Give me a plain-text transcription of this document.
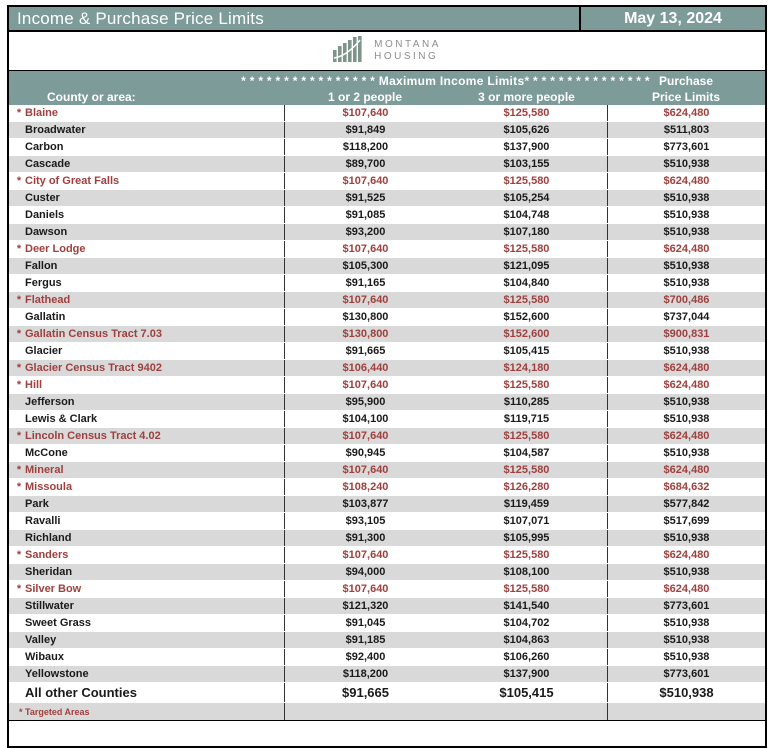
Income & Purchase Price Limits	May 13, 2024
MONTANA
HOUSING
* * * * * * * * * * * * * * * * Maximum Income Limits* * * * * * * * * * * * * * * Purchase
County or area:	1 or 2 people	3 or more people	Price Limits
* Blaine	$107,640	$125,580	$624,480
Broadwater	$91,849	$105,626	$511,803
Carbon	$118,200	$137,900	$773,601
Cascade	$89,700	$103,155	$510,938
* City of Great Falls	$107,640	$125,580	$624,480
Custer	$91,525	$105,254	$510,938
Daniels	$91,085	$104,748	$510,938
Dawson	$93,200	$107,180	$510,938
* Deer Lodge	$107,640	$125,580	$624,480
Fallon	$105,300	$121,095	$510,938
Fergus	$91,165	$104,840	$510,938
* Flathead	$107,640	$125,580	$700,486
Gallatin	$130,800	$152,600	$737,044
* Gallatin Census Tract 7.03	$130,800	$152,600	$900,831
Glacier	$91,665	$105,415	$510,938
* Glacier Census Tract 9402	$106,440	$124,180	$624,480
* Hill	$107,640	$125,580	$624,480
Jefferson	$95,900	$110,285	$510,938
Lewis & Clark	$104,100	$119,715	$510,938
* Lincoln Census Tract 4.02	$107,640	$125,580	$624,480
McCone	$90,945	$104,587	$510,938
* Mineral	$107,640	$125,580	$624,480
* Missoula	$108,240	$126,280	$684,632
Park	$103,877	$119,459	$577,842
Ravalli	$93,105	$107,071	$517,699
Richland	$91,300	$105,995	$510,938
* Sanders	$107,640	$125,580	$624,480
Sheridan	$94,000	$108,100	$510,938
* Silver Bow	$107,640	$125,580	$624,480
Stillwater	$121,320	$141,540	$773,601
Sweet Grass	$91,045	$104,702	$510,938
Valley	$91,185	$104,863	$510,938
Wibaux	$92,400	$106,260	$510,938
Yellowstone	$118,200	$137,900	$773,601
All other Counties	$91,665	$105,415	$510,938
* Targeted Areas
